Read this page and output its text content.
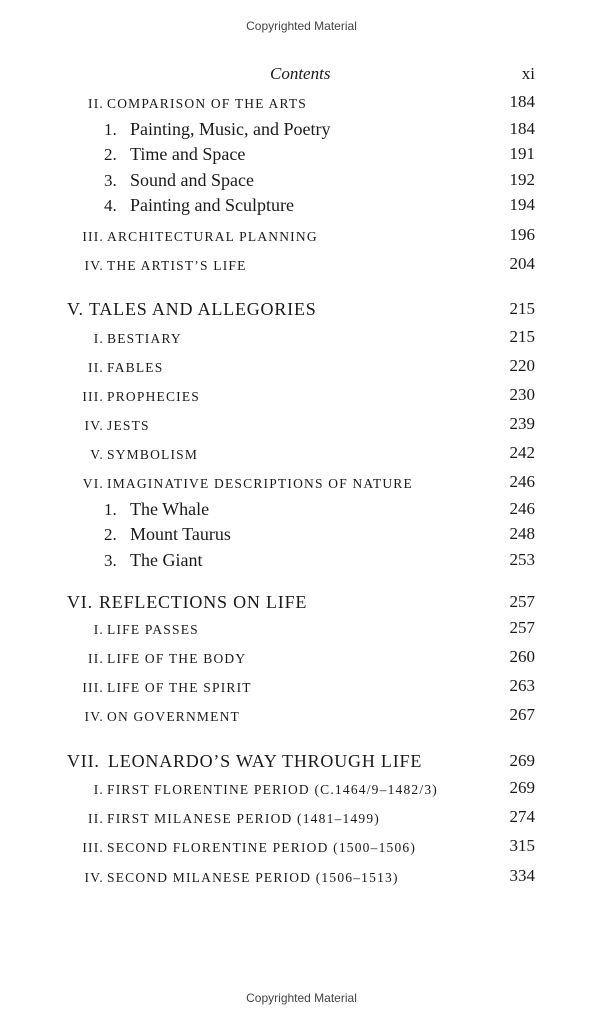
Copyrighted Material
Contents	xi
II. COMPARISON OF THE ARTS	184
1. Painting, Music, and Poetry	184
2. Time and Space	191
3. Sound and Space	192
4. Painting and Sculpture	194
III. ARCHITECTURAL PLANNING	196
IV. THE ARTIST’S LIFE	204
V. TALES AND ALLEGORIES	215
I. BESTIARY	215
II. FABLES	220
III. PROPHECIES	230
IV. JESTS	239
V. SYMBOLISM	242
VI. IMAGINATIVE DESCRIPTIONS OF NATURE	246
1. The Whale	246
2. Mount Taurus	248
3. The Giant	253
VI. REFLECTIONS ON LIFE	257
I. LIFE PASSES	257
II. LIFE OF THE BODY	260
III. LIFE OF THE SPIRIT	263
IV. ON GOVERNMENT	267
VII. LEONARDO’S WAY THROUGH LIFE	269
I. FIRST FLORENTINE PERIOD (C.1464/9–1482/3)	269
II. FIRST MILANESE PERIOD (1481–1499)	274
III. SECOND FLORENTINE PERIOD (1500–1506)	315
IV. SECOND MILANESE PERIOD (1506–1513)	334
Copyrighted Material
